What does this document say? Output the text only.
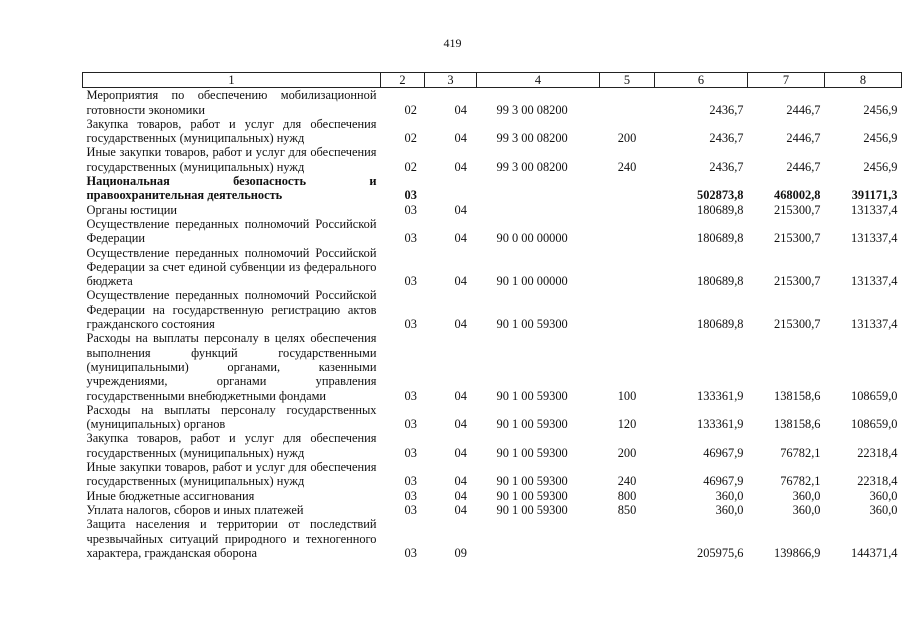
419
1	2	3	4	5	6	7	8
Мероприятия по обеспечению мобилизационной готовности экономики	02	04	99 3 00 08200		2436,7	2446,7	2456,9
Закупка товаров, работ и услуг для обеспечения государственных (муниципальных) нужд	02	04	99 3 00 08200	200	2436,7	2446,7	2456,9
Иные закупки товаров, работ и услуг для обеспечения государственных (муниципальных) нужд	02	04	99 3 00 08200	240	2436,7	2446,7	2456,9
Национальная безопасность и правоохранительная деятельность	03				502873,8	468002,8	391171,3
Органы юстиции	03	04			180689,8	215300,7	131337,4
Осуществление переданных полномочий Российской Федерации	03	04	90 0 00 00000		180689,8	215300,7	131337,4
Осуществление переданных полномочий Российской Федерации за счет единой субвенции из федерального бюджета	03	04	90 1 00 00000		180689,8	215300,7	131337,4
Осуществление переданных полномочий Российской Федерации на государственную регистрацию актов гражданского состояния	03	04	90 1 00 59300		180689,8	215300,7	131337,4
Расходы на выплаты персоналу в целях обеспечения выполнения функций государственными (муниципальными) органами, казенными учреждениями, органами управления государственными внебюджетными фондами	03	04	90 1 00 59300	100	133361,9	138158,6	108659,0
Расходы на выплаты персоналу государственных (муниципальных) органов	03	04	90 1 00 59300	120	133361,9	138158,6	108659,0
Закупка товаров, работ и услуг для обеспечения государственных (муниципальных) нужд	03	04	90 1 00 59300	200	46967,9	76782,1	22318,4
Иные закупки товаров, работ и услуг для обеспечения государственных (муниципальных) нужд	03	04	90 1 00 59300	240	46967,9	76782,1	22318,4
Иные бюджетные ассигнования	03	04	90 1 00 59300	800	360,0	360,0	360,0
Уплата налогов, сборов и иных платежей	03	04	90 1 00 59300	850	360,0	360,0	360,0
Защита населения и территории от последствий чрезвычайных ситуаций природного и техногенного характера, гражданская оборона	03	09			205975,6	139866,9	144371,4
